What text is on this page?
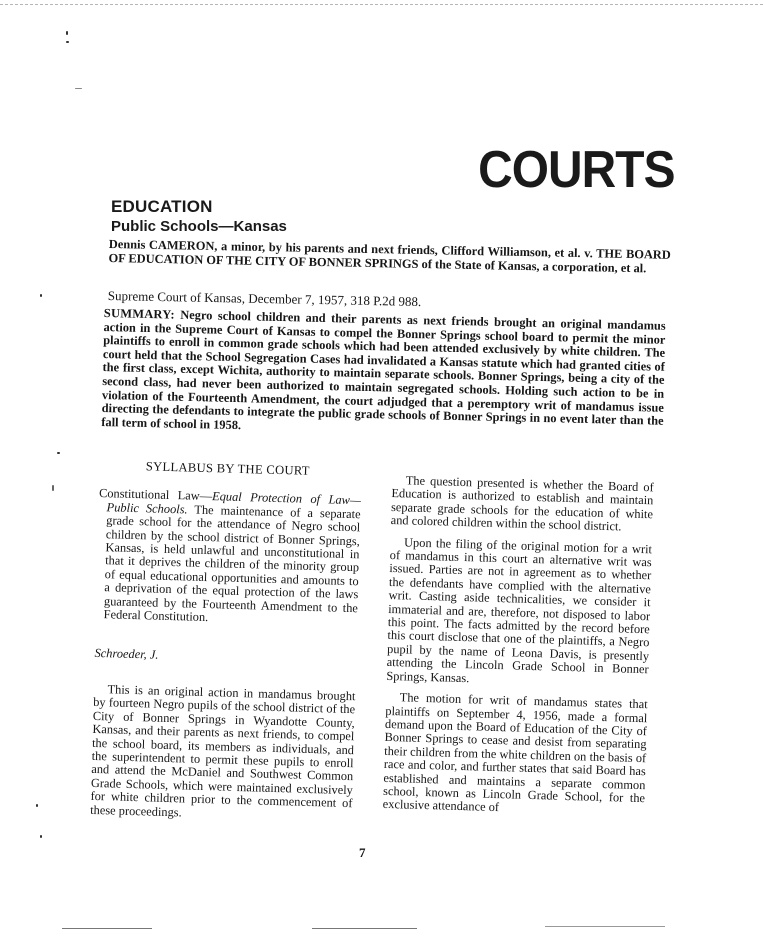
COURTS
EDUCATION
Public Schools—Kansas

Dennis CAMERON, a minor, by his parents and next friends, Clifford Williamson, et al. v. THE BOARD OF EDUCATION OF THE CITY OF BONNER SPRINGS of the State of Kansas, a corporation, et al.

Supreme Court of Kansas, December 7, 1957, 318 P.2d 988.

SUMMARY: Negro school children and their parents as next friends brought an original mandamus action in the Supreme Court of Kansas to compel the Bonner Springs school board to permit the minor plaintiffs to enroll in common grade schools which had been attended exclusively by white children. The court held that the School Segregation Cases had invalidated a Kansas statute which had granted cities of the first class, except Wichita, authority to maintain separate schools. Bonner Springs, being a city of the second class, had never been authorized to maintain segregated schools. Holding such action to be in violation of the Fourteenth Amendment, the court adjudged that a peremptory writ of mandamus issue directing the defendants to integrate the public grade schools of Bonner Springs in no event later than the fall term of school in 1958.

SYLLABUS BY THE COURT

Constitutional Law—Equal Protection of Law—Public Schools. The maintenance of a separate grade school for the attendance of Negro school children by the school district of Bonner Springs, Kansas, is held unlawful and unconstitutional in that it deprives the children of the minority group of equal educational opportunities and amounts to a deprivation of the equal protection of the laws guaranteed by the Fourteenth Amendment to the Federal Constitution.

Schroeder, J.

This is an original action in mandamus brought by fourteen Negro pupils of the school district of the City of Bonner Springs in Wyandotte County, Kansas, and their parents as next friends, to compel the school board, its members as individuals, and the superintendent to permit these pupils to enroll and attend the McDaniel and Southwest Common Grade Schools, which were maintained exclusively for white children prior to the commencement of these proceedings.

The question presented is whether the Board of Education is authorized to establish and maintain separate grade schools for the education of white and colored children within the school district.

Upon the filing of the original motion for a writ of mandamus in this court an alternative writ was issued. Parties are not in agreement as to whether the defendants have complied with the alternative writ. Casting aside technicalities, we consider it immaterial and are, therefore, not disposed to labor this point. The facts admitted by the record before this court disclose that one of the plaintiffs, a Negro pupil by the name of Leona Davis, is presently attending the Lincoln Grade School in Bonner Springs, Kansas.

The motion for writ of mandamus states that plaintiffs on September 4, 1956, made a formal demand upon the Board of Education of the City of Bonner Springs to cease and desist from separating their children from the white children on the basis of race and color, and further states that said Board has established and maintains a separate common school, known as Lincoln Grade School, for the exclusive attendance of

7
